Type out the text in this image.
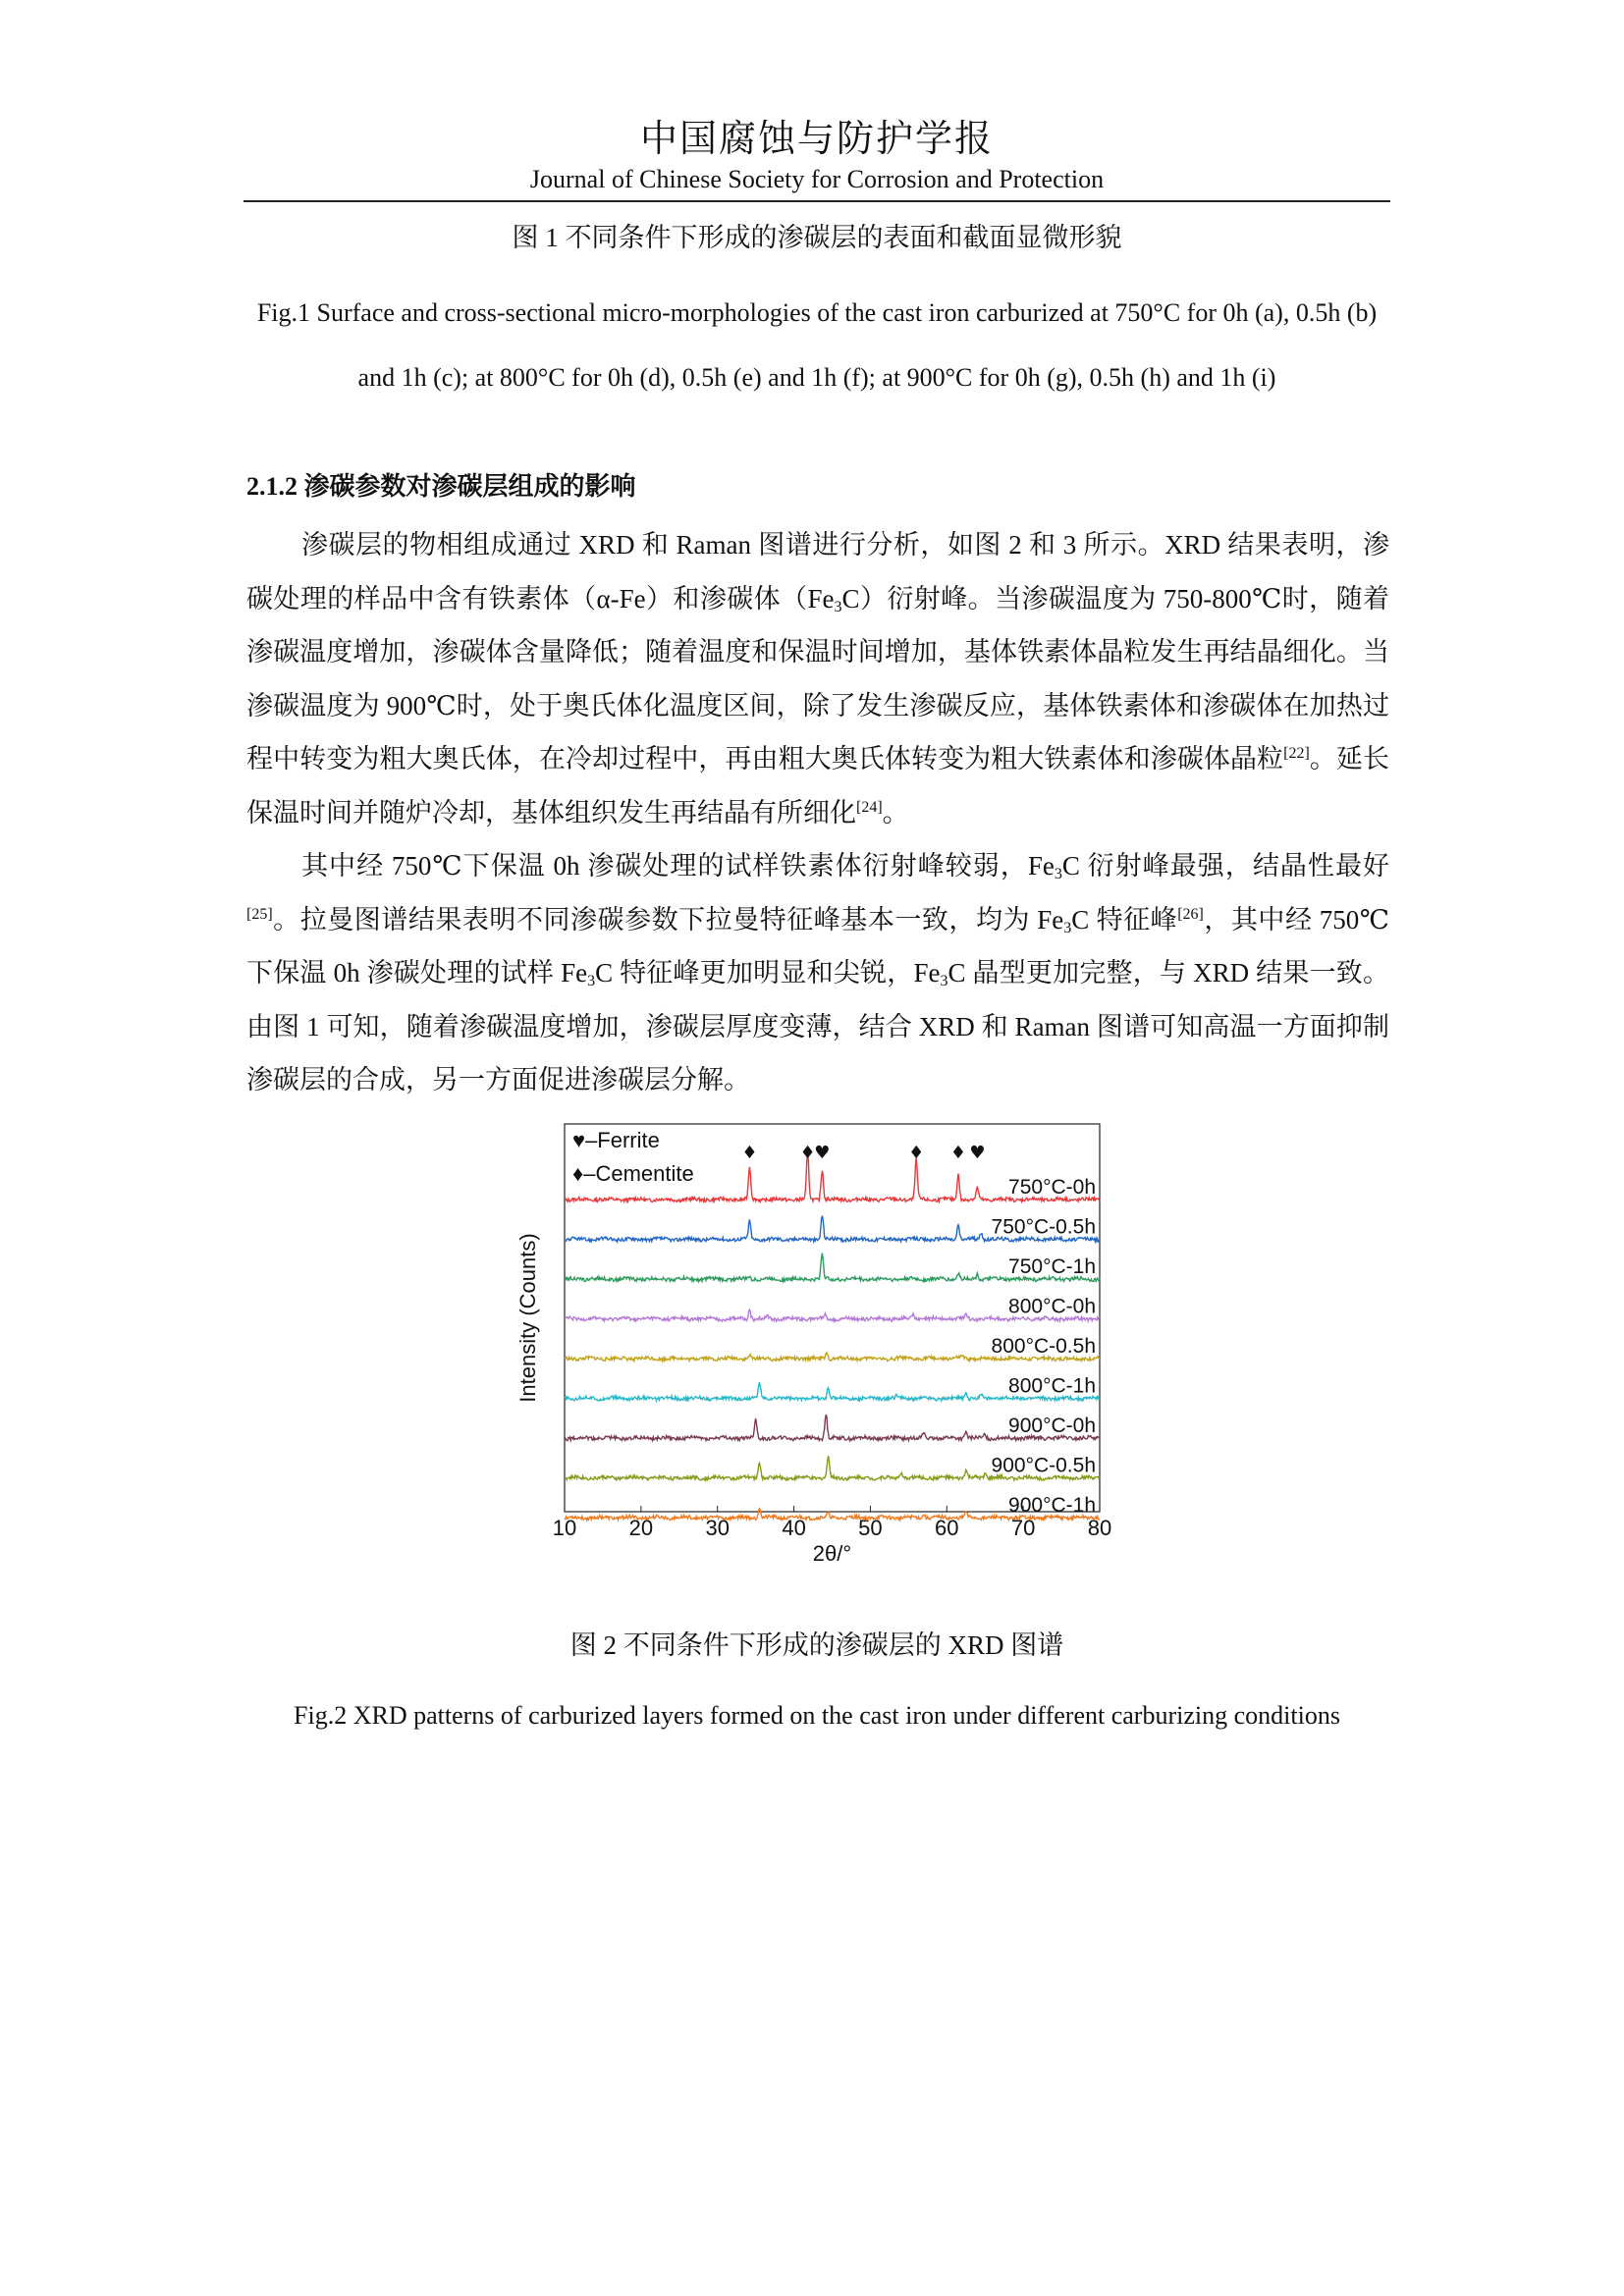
中国腐蚀与防护学报
Journal of Chinese Society for Corrosion and Protection
图 1 不同条件下形成的渗碳层的表面和截面显微形貌
Fig.1 Surface and cross-sectional micro-morphologies of the cast iron carburized at 750°C for 0h (a), 0.5h (b) and 1h (c); at 800°C for 0h (d), 0.5h (e) and 1h (f); at 900°C for 0h (g), 0.5h (h) and 1h (i)
2.1.2 渗碳参数对渗碳层组成的影响
渗碳层的物相组成通过 XRD 和 Raman 图谱进行分析，如图 2 和 3 所示。XRD 结果表明，渗碳处理的样品中含有铁素体（α-Fe）和渗碳体$(Fe_3C)$衍射峰。当渗碳温度为 750-800℃时，随着渗碳温度增加，渗碳体含量降低；随着温度和保温时间增加，基体铁素体晶粒发生再结晶细化。当渗碳温度为 900℃时，处于奥氏体化温度区间，除了发生渗碳反应，基体铁素体和渗碳体在加热过程中转变为粗大奥氏体，在冷却过程中，再由粗大奥氏体转变为粗大铁素体和渗碳体晶粒[22]。延长保温时间并随炉冷却，基体组织发生再结晶有所细化[24]。
其中经 750℃下保温 0h 渗碳处理的试样铁素体衍射峰较弱，$Fe_3C$ 衍射峰最强，结晶性最好[25]。拉曼图谱结果表明不同渗碳参数下拉曼特征峰基本一致，均为 $Fe_3C$ 特征峰[26]，其中经 750℃下保温 0h 渗碳处理的试样 $Fe_3C$ 特征峰更加明显和尖锐，$Fe_3C$ 晶型更加完整，与 XRD 结果一致。由图 1 可知，随着渗碳温度增加，渗碳层厚度变薄，结合 XRD 和 Raman 图谱可知高温一方面抑制渗碳层的合成，另一方面促进渗碳层分解。
10 20 30 40 50 60 70 80
2θ/°
Intensity (Counts)
♥–Ferrite
♦–Cementite
750°C-0h
750°C-0.5h
750°C-1h
800°C-0h
800°C-0.5h
800°C-1h
900°C-0h
900°C-0.5h
900°C-1h
♦ ♦
♥	♦ ♦ ♥
图 2 不同条件下形成的渗碳层的 XRD 图谱
Fig.2 XRD patterns of carburized layers formed on the cast iron under different carburizing conditions
